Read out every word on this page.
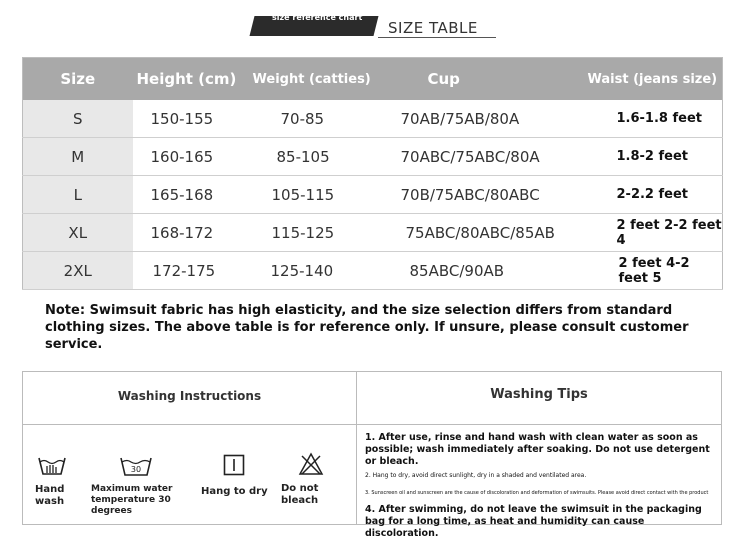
size reference chart
SIZE TABLE
Size	Height (cm)	Weight (catties)	Cup	Waist (jeans size)
S	150-155	70-85	70AB/75AB/80A	1.6-1.8 feet
M	160-165	85-105	70ABC/75ABC/80A	1.8-2 feet
L	165-168	105-115	70B/75ABC/80ABC	2-2.2 feet
XL	168-172	115-125	75ABC/80ABC/85AB	2 feet 2-2 feet 4
2XL	172-175	125-140	85ABC/90AB	2 feet 4-2 feet 5
Note: Swimsuit fabric has high elasticity, and the size selection differs from standard clothing sizes. The above table is for reference only. If unsure, please consult customer service.
Washing Instructions	Washing Tips
Hand wash
30
Maximum water temperature 30 degrees
Hang to dry	Do not bleach
1. After use, rinse and hand wash with clean water as soon as possible; wash immediately after soaking. Do not use detergent or bleach.
2. Hang to dry, avoid direct sunlight, dry in a shaded and ventilated area.
3. Sunscreen oil and sunscreen are the cause of discoloration and deformation of swimsuits. Please avoid direct contact with the product
4. After swimming, do not leave the swimsuit in the packaging bag for a long time, as heat and humidity can cause discoloration.
